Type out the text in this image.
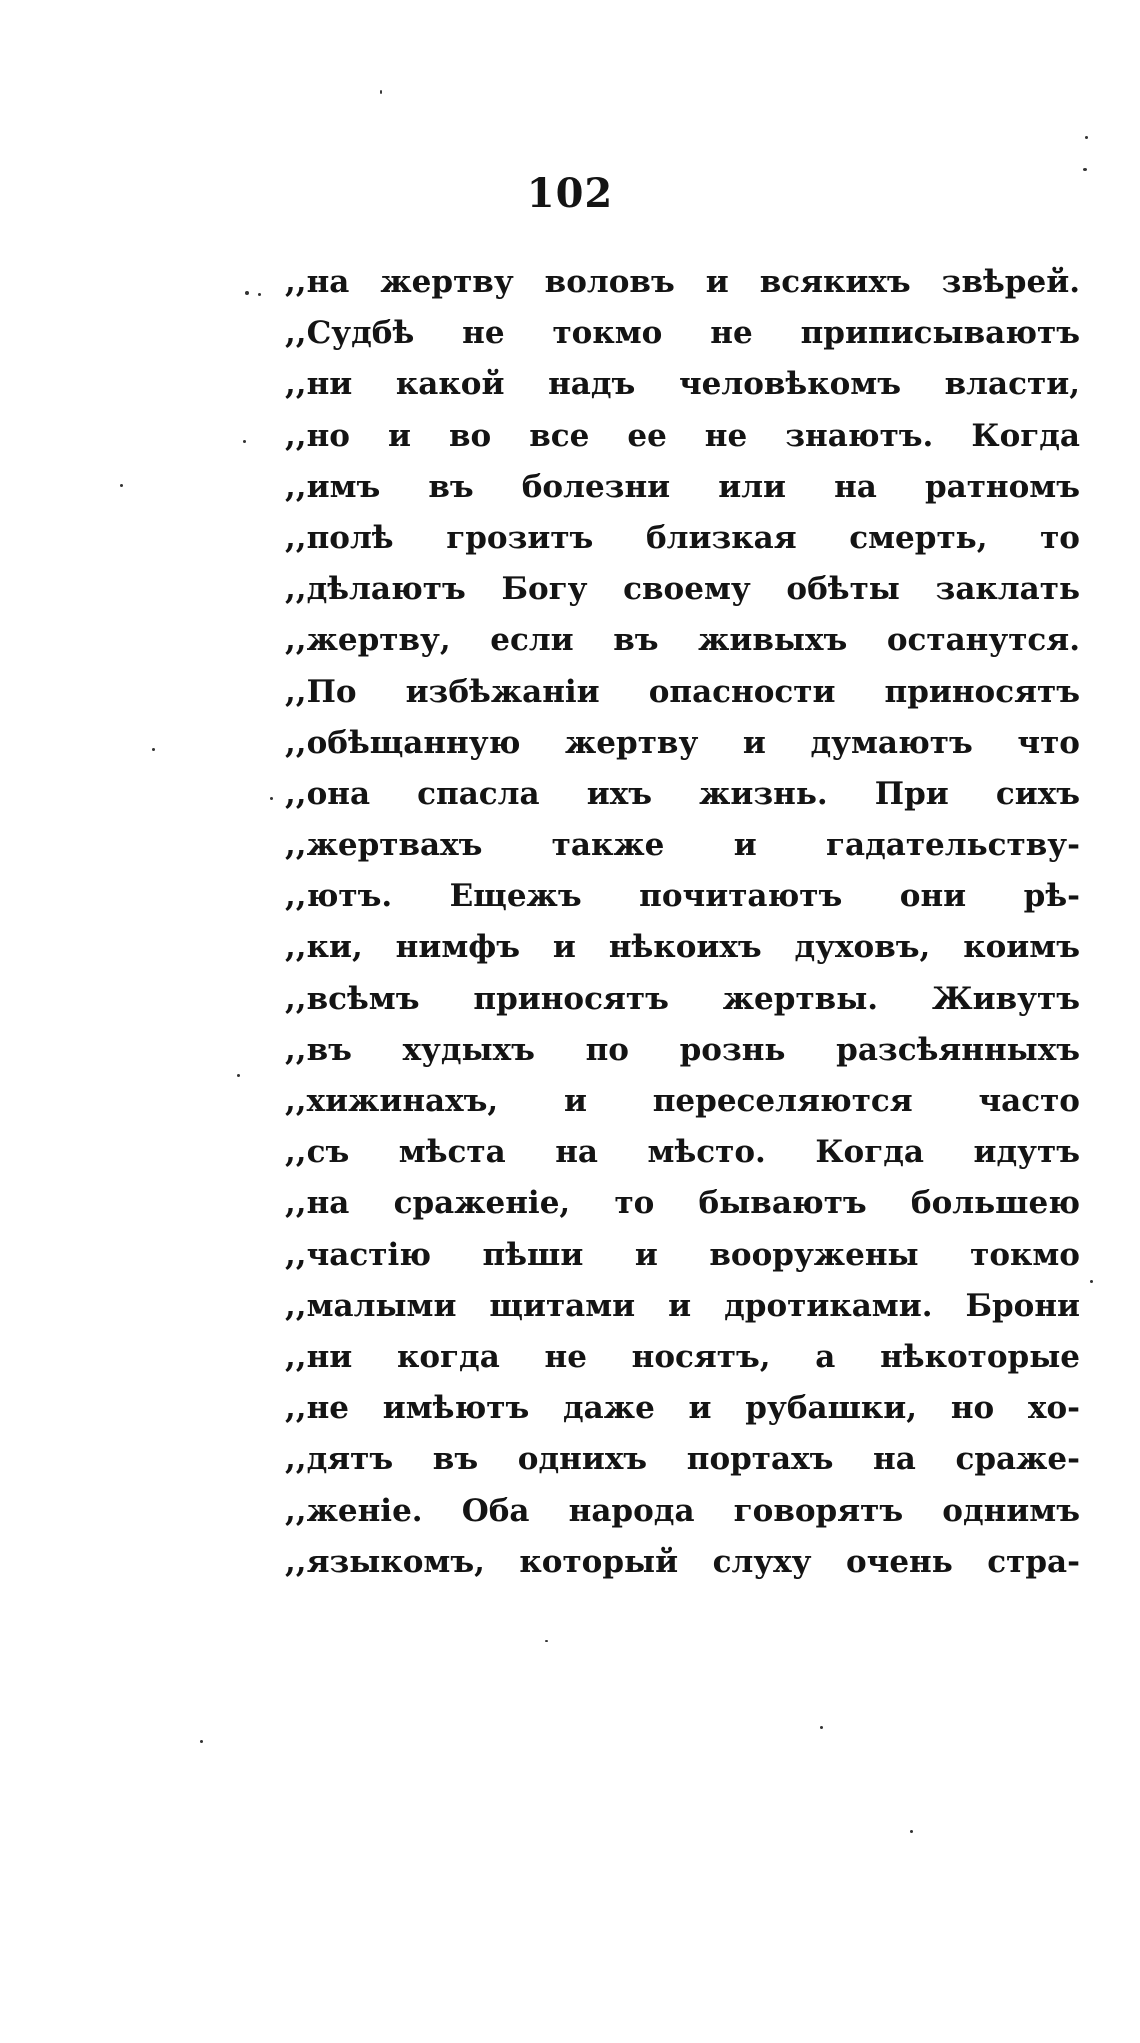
102
,,на жертву воловъ и всякихъ звѣрей.
,,Судбѣ не токмо не приписываютъ
,,ни какой надъ человѣкомъ власти,
,,но и во все ее не знаютъ. Когда
,,имъ въ болезни или на ратномъ
,,полѣ грозитъ близкая смерть, то
,,дѣлаютъ Богу своему обѣты заклать
,,жертву, если въ живыхъ останутся.
,,По избѣжаніи опасности приносятъ
,,обѣщанную жертву и думаютъ что
,,она спасла ихъ жизнь. При сихъ
,,жертвахъ также и гадательству-
,,ютъ. Ещежъ почитаютъ они рѣ-
,,ки, нимфъ и нѣкоихъ духовъ, коимъ
,,всѣмъ приносятъ жертвы. Живутъ
,,въ худыхъ по рознь разсѣянныхъ
,,хижинахъ, и переселяются часто
,,съ мѣста на мѣсто. Когда идутъ
,,на сраженіе, то бываютъ большею
,,частію пѣши и вооружены токмо
,,малыми щитами и дротиками. Брони
,,ни когда не носятъ, а нѣкоторые
,,не имѣютъ даже и рубашки, но хо-
,,дятъ въ однихъ портахъ на сраже-
,,женіе. Оба народа говорятъ однимъ
,,языкомъ, который слуху очень стра-
